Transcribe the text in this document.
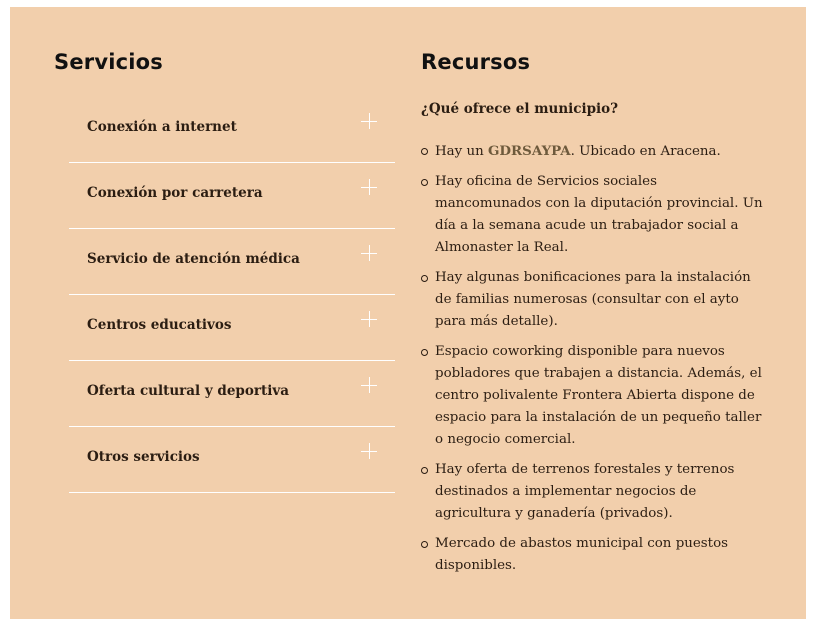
Servicios
Conexión a internet
Conexión por carretera
Servicio de atención médica
Centros educativos
Oferta cultural y deportiva
Otros servicios
Recursos
¿Qué ofrece el municipio?
Hay un GDRSAYPA. Ubicado en Aracena.
Hay oficina de Servicios sociales mancomunados con la diputación provincial. Un día a la semana acude un trabajador social a Almonaster la Real.
Hay algunas bonificaciones para la instalación de familias numerosas (consultar con el ayto para más detalle).
Espacio coworking disponible para nuevos pobladores que trabajen a distancia. Además, el centro polivalente Frontera Abierta dispone de espacio para la instalación de un pequeño taller o negocio comercial.
Hay oferta de terrenos forestales y terrenos destinados a implementar negocios de agricultura y ganadería (privados).
Mercado de abastos municipal con puestos disponibles.
